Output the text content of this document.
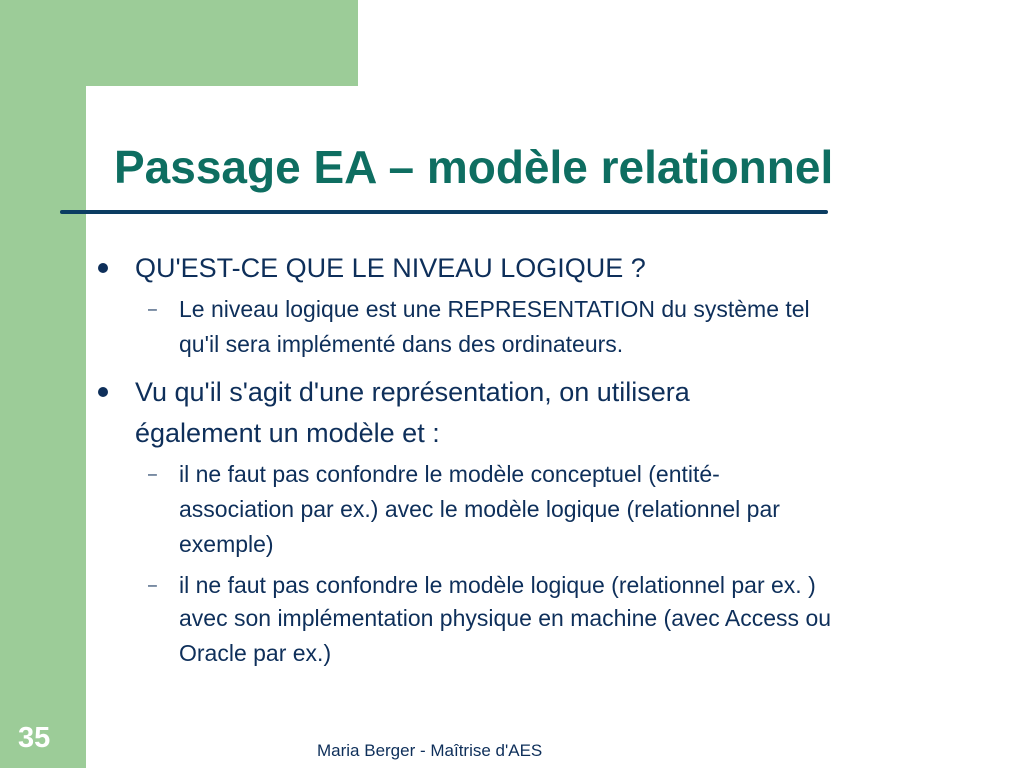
Passage EA – modèle relationnel

QU'EST-CE QUE LE NIVEAU LOGIQUE ?

– Le niveau logique est une REPRESENTATION du système tel

qu'il sera implémenté dans des ordinateurs.

Vu qu'il s'agit d'une représentation, on utilisera

également un modèle et :

– il ne faut pas confondre le modèle conceptuel (entité-

association par ex.) avec le modèle logique (relationnel par

exemple)

– il ne faut pas confondre le modèle logique (relationnel par ex. )

avec son implémentation physique en machine (avec Access ou

Oracle par ex.)

35	Maria Berger - Maîtrise d'AES
